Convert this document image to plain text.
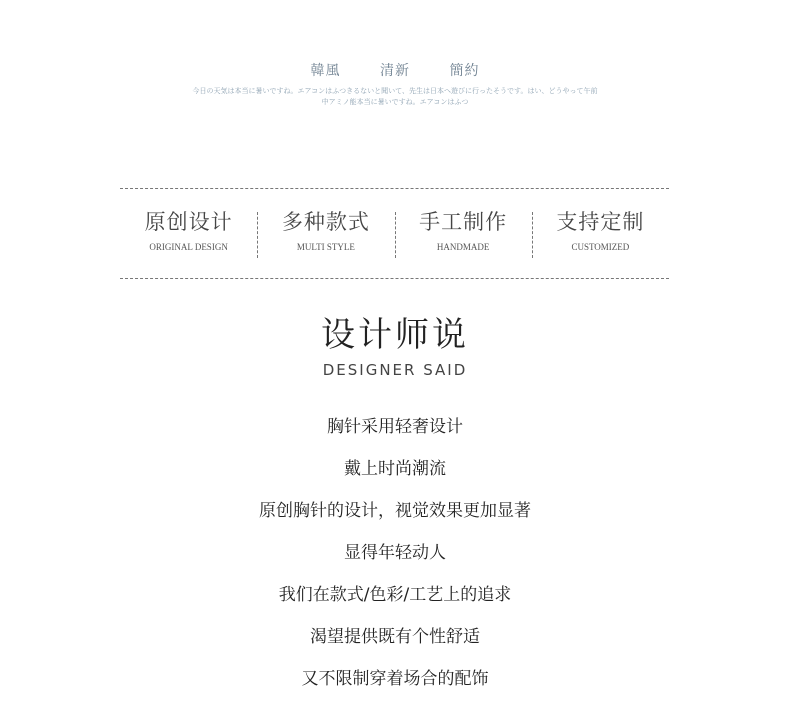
韓風	清新	簡約
今日の天気は本当に暑いですね。エアコンはふつきるないと聞いて、先生は日本へ遊びに行ったそうです。はい、どうやって午前
中アミノ能本当に暑いですね。エアコンはふつ
原创设计
ORIGINAL DESIGN
多种款式
MULTI STYLE
手工制作
HANDMADE
支持定制
CUSTOMIZED
设计师说
DESIGNER SAID
胸针采用轻奢设计
戴上时尚潮流
原创胸针的设计，视觉效果更加显著
显得年轻动人
我们在款式/色彩/工艺上的追求
渴望提供既有个性舒适
又不限制穿着场合的配饰
